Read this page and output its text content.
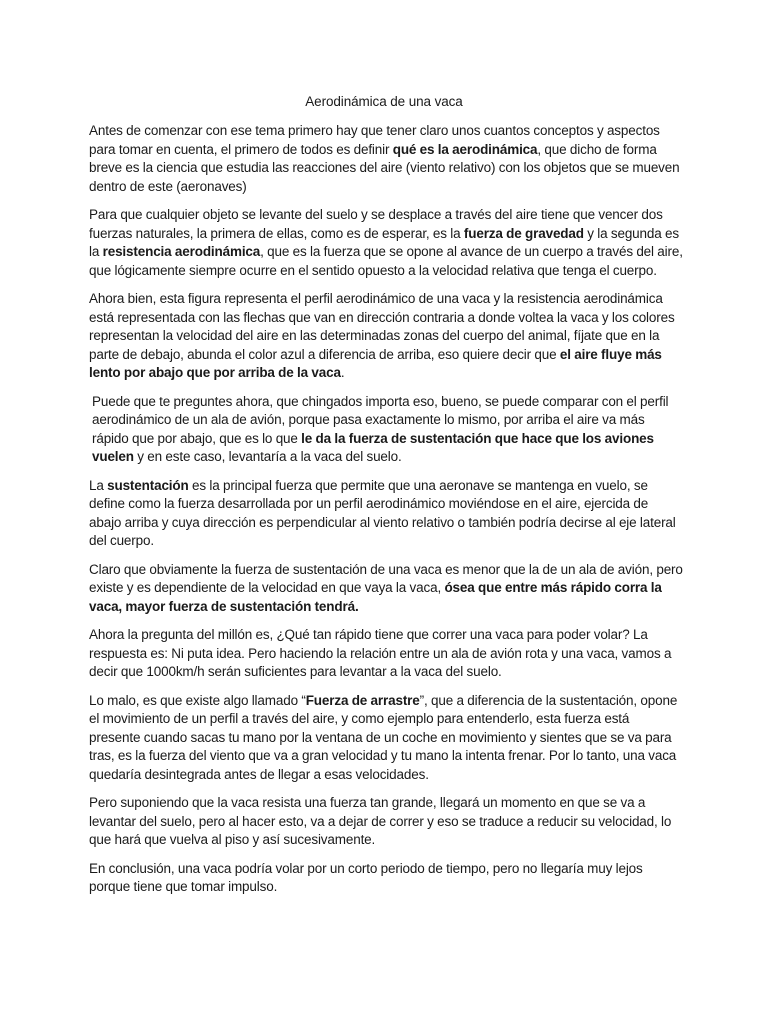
Aerodinámica de una vaca

Antes de comenzar con ese tema primero hay que tener claro unos cuantos conceptos y aspectos para tomar en cuenta, el primero de todos es definir qué es la aerodinámica, que dicho de forma breve es la ciencia que estudia las reacciones del aire (viento relativo) con los objetos que se mueven dentro de este (aeronaves)

Para que cualquier objeto se levante del suelo y se desplace a través del aire tiene que vencer dos fuerzas naturales, la primera de ellas, como es de esperar, es la fuerza de gravedad y la segunda es la resistencia aerodinámica, que es la fuerza que se opone al avance de un cuerpo a través del aire, que lógicamente siempre ocurre en el sentido opuesto a la velocidad relativa que tenga el cuerpo.

Ahora bien, esta figura representa el perfil aerodinámico de una vaca y la resistencia aerodinámica está representada con las flechas que van en dirección contraria a donde voltea la vaca y los colores representan la velocidad del aire en las determinadas zonas del cuerpo del animal, fíjate que en la parte de debajo, abunda el color azul a diferencia de arriba, eso quiere decir que el aire fluye más lento por abajo que por arriba de la vaca.

Puede que te preguntes ahora, que chingados importa eso, bueno, se puede comparar con el perfil aerodinámico de un ala de avión, porque pasa exactamente lo mismo, por arriba el aire va más rápido que por abajo, que es lo que le da la fuerza de sustentación que hace que los aviones vuelen y en este caso, levantaría a la vaca del suelo.

La sustentación es la principal fuerza que permite que una aeronave se mantenga en vuelo, se define como la fuerza desarrollada por un perfil aerodinámico moviéndose en el aire, ejercida de abajo arriba y cuya dirección es perpendicular al viento relativo o también podría decirse al eje lateral del cuerpo.

Claro que obviamente la fuerza de sustentación de una vaca es menor que la de un ala de avión, pero existe y es dependiente de la velocidad en que vaya la vaca, ósea que entre más rápido corra la vaca, mayor fuerza de sustentación tendrá.

Ahora la pregunta del millón es, ¿Qué tan rápido tiene que correr una vaca para poder volar? La respuesta es: Ni puta idea. Pero haciendo la relación entre un ala de avión rota y una vaca, vamos a decir que 1000km/h serán suficientes para levantar a la vaca del suelo.

Lo malo, es que existe algo llamado “Fuerza de arrastre”, que a diferencia de la sustentación, opone el movimiento de un perfil a través del aire, y como ejemplo para entenderlo, esta fuerza está presente cuando sacas tu mano por la ventana de un coche en movimiento y sientes que se va para tras, es la fuerza del viento que va a gran velocidad y tu mano la intenta frenar. Por lo tanto, una vaca quedaría desintegrada antes de llegar a esas velocidades.

Pero suponiendo que la vaca resista una fuerza tan grande, llegará un momento en que se va a levantar del suelo, pero al hacer esto, va a dejar de correr y eso se traduce a reducir su velocidad, lo que hará que vuelva al piso y así sucesivamente.

En conclusión, una vaca podría volar por un corto periodo de tiempo, pero no llegaría muy lejos porque tiene que tomar impulso.
